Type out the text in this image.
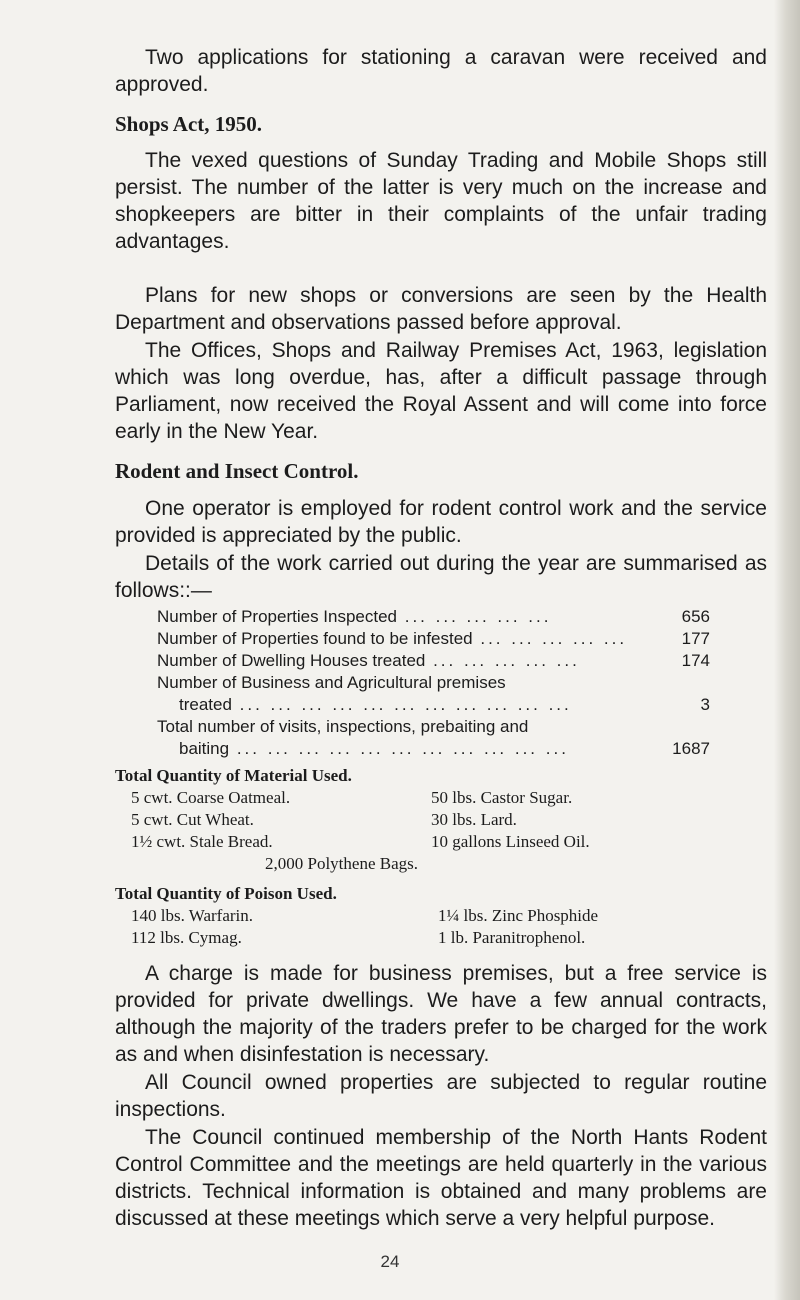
Two applications for stationing a caravan were received and approved.

Shops Act, 1950.

The vexed questions of Sunday Trading and Mobile Shops still persist. The number of the latter is very much on the increase and shopkeepers are bitter in their complaints of the unfair trading advantages.

Plans for new shops or conversions are seen by the Health Department and observations passed before approval.

The Offices, Shops and Railway Premises Act, 1963, legislation which was long overdue, has, after a difficult passage through Parliament, now received the Royal Assent and will come into force early in the New Year.

Rodent and Insect Control.

One operator is employed for rodent control work and the service provided is appreciated by the public.

Details of the work carried out during the year are summarised as follows::—

Number of Properties Inspected ... ... ... ... ...	656
Number of Properties found to be infested ... ... ... ... ...	177
Number of Dwelling Houses treated ... ... ... ... ...	174
Number of Business and Agricultural premises
treated ... ... ... ... ... ... ... ... ... ... ...	3
Total number of visits, inspections, prebaiting and
baiting ... ... ... ... ... ... ... ... ... ... ...	1687
Total Quantity of Material Used.
5 cwt. Coarse Oatmeal.	50 lbs. Castor Sugar.
5 cwt. Cut Wheat.	30 lbs. Lard.
1½ cwt. Stale Bread.	10 gallons Linseed Oil.
2,000 Polythene Bags.
Total Quantity of Poison Used.
140 lbs. Warfarin.	1¼ lbs. Zinc Phosphide
112 lbs. Cymag.	1 lb. Paranitrophenol.

A charge is made for business premises, but a free service is provided for private dwellings. We have a few annual contracts, although the majority of the traders prefer to be charged for the work as and when disinfestation is necessary.

All Council owned properties are subjected to regular routine inspections.

The Council continued membership of the North Hants Rodent Control Committee and the meetings are held quarterly in the various districts. Technical information is obtained and many problems are discussed at these meetings which serve a very helpful purpose.

24
